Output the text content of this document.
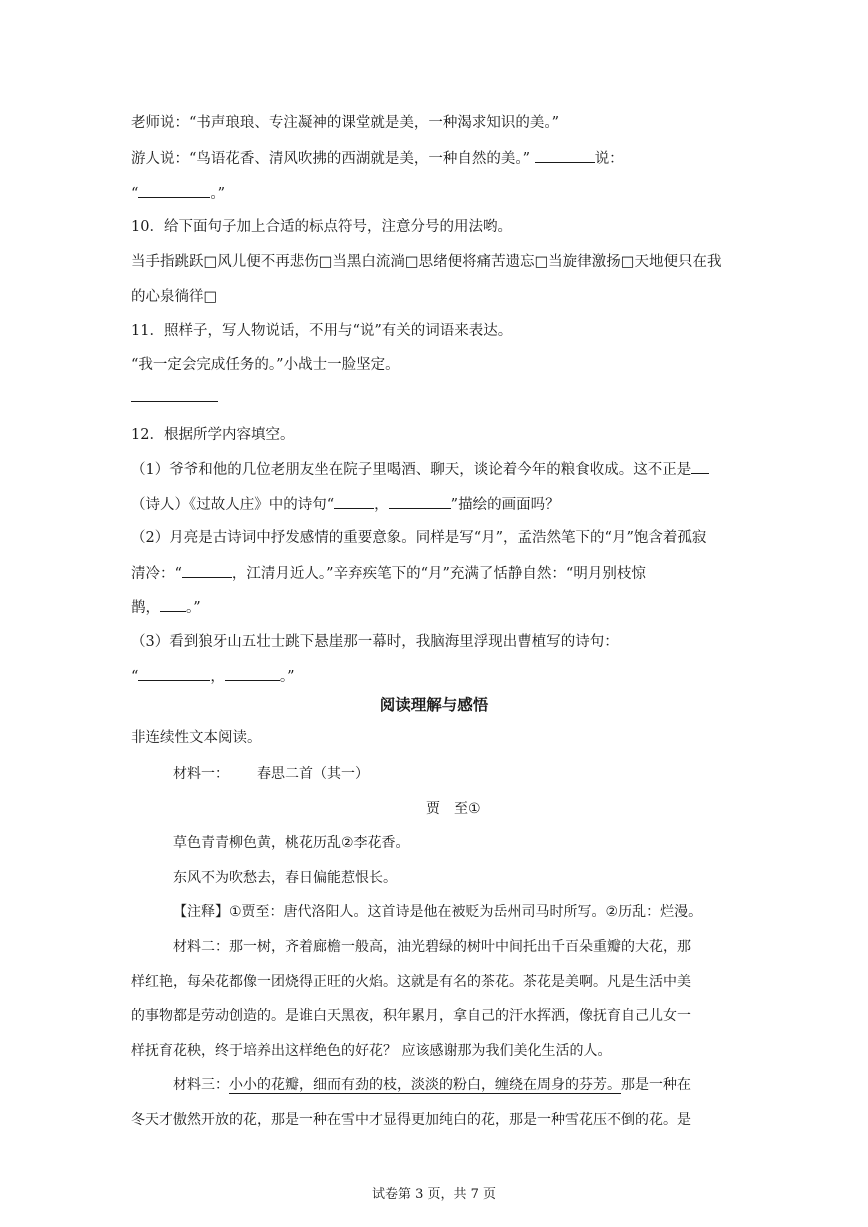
老师说：“书声琅琅、专注凝神的课堂就是美，一种渴求知识的美。”
游人说：“鸟语花香、清风吹拂的西湖就是美，一种自然的美。”	说：
“	。”
10．给下面句子加上合适的标点符号，注意分号的用法哟。
当手指跳跃□风儿便不再悲伤□当黑白流淌□思绪便将痛苦遗忘□当旋律激扬□天地便只在我
的心泉徜徉□
11．照样子，写人物说话，不用与“说”有关的词语来表达。
“我一定会完成任务的。”小战士一脸坚定。
12．根据所学内容填空。
（1）爷爷和他的几位老朋友坐在院子里喝酒、聊天，谈论着今年的粮食收成。这不正是
（诗人）《过故人庄》中的诗句“	，	”描绘的画面吗？
（2）月亮是古诗词中抒发感情的重要意象。同样是写“月”，孟浩然笔下的“月”饱含着孤寂
清冷：“	，江清月近人。”辛弃疾笔下的“月”充满了恬静自然：“明月别枝惊
鹊， 。”
（3）看到狼牙山五壮士跳下悬崖那一幕时，我脑海里浮现出曹植写的诗句：
“	，	。”
阅读理解与感悟
非连续性文本阅读。
材料一： 春思二首（其一）
贾　至①
草色青青柳色黄，桃花历乱②李花香。
东风不为吹愁去，春日偏能惹恨长。
【注释】①贾至：唐代洛阳人。这首诗是他在被贬为岳州司马时所写。②历乱：烂漫。
材料二：那一树，齐着廊檐一般高，油光碧绿的树叶中间托出千百朵重瓣的大花，那
样红艳，每朵花都像一团烧得正旺的火焰。这就是有名的茶花。茶花是美啊。凡是生活中美
的事物都是劳动创造的。是谁白天黑夜，积年累月，拿自己的汗水挥洒，像抚育自己儿女一
样抚育花秧，终于培养出这样绝色的好花？ 应该感谢那为我们美化生活的人。
材料三：小小的花瓣，细而有劲的枝，淡淡的粉白，缠绕在周身的芬芳。那是一种在
冬天才傲然开放的花，那是一种在雪中才显得更加纯白的花，那是一种雪花压不倒的花。是
试卷第 3 页，共 7 页
